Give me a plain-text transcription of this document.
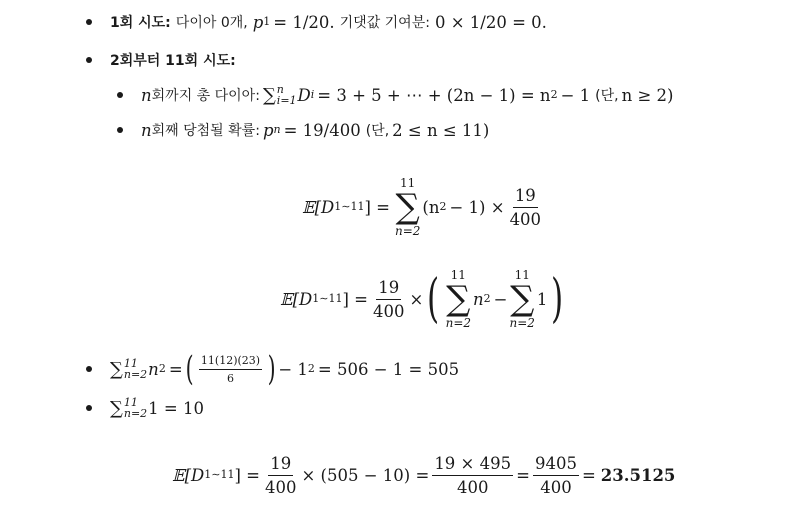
1회 시도: 다이아 0개, p 1 = 1/20. 기댓값 기여분: 0 × 1/20 = 0.
2회부터 11회 시도:
n 회까지 총 다이아: ∑ n
i=1 D i = 3 + 5 + ⋯ + (2n − 1) = n 2 − 1 (단, n ≥ 2)
n 회째 당첨될 확률: p n = 19/400 (단, 2 ≤ n ≤ 11)
𝔼[D 1∼11 ] =
11
∑
n=2
(n $2 - 1) \times \frac{19}{400}$
𝔼[D 1∼11 ] = $\frac{19}{400}$ × ( 11
∑
n=2
n 2 −
11
∑
n=2
1 )
∑ 11
n=2 n 2 = ( $\frac{11(12)(23)}{6}$ ) − 1 2 = 506 − 1 = 505
∑ 11
n=2 1 = 10
𝔼[D 1∼11 ] = $\frac{19}{400} \times (505 - 10) = \frac{19 \times 495}{400} = \frac{9405}{400} = 23.5125$
